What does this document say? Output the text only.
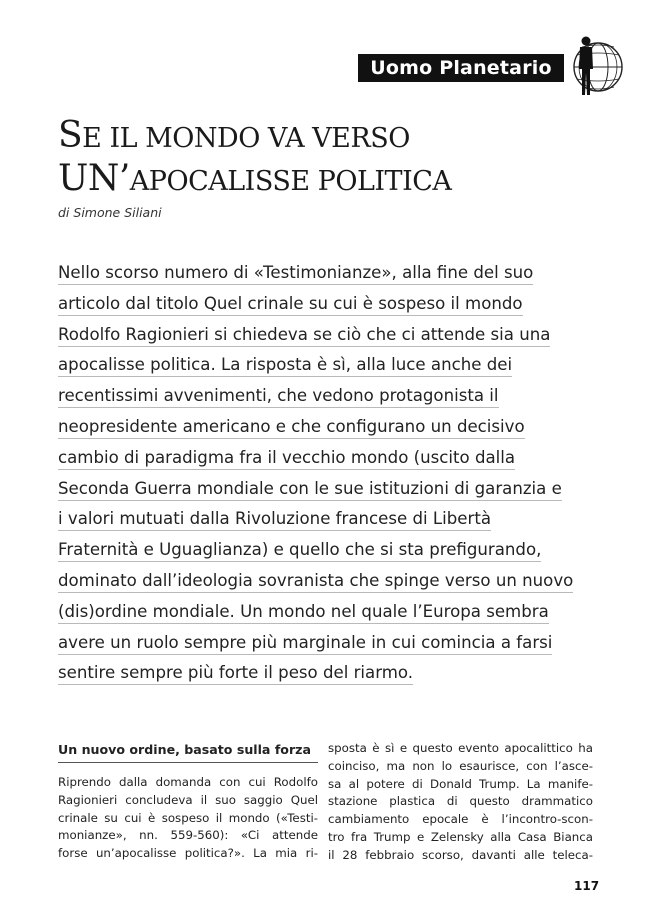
Uomo Planetario
SE IL MONDO VA VERSO
UN’APOCALISSE POLITICA
di Simone Siliani
Nello scorso numero di «Testimonianze», alla fine del suo
articolo dal titolo Quel crinale su cui è sospeso il mondo
Rodolfo Ragionieri si chiedeva se ciò che ci attende sia una
apocalisse politica. La risposta è sì, alla luce anche dei
recentissimi avvenimenti, che vedono protagonista il
neopresidente americano e che configurano un decisivo
cambio di paradigma fra il vecchio mondo (uscito dalla
Seconda Guerra mondiale con le sue istituzioni di garanzia e
i valori mutuati dalla Rivoluzione francese di Libertà
Fraternità e Uguaglianza) e quello che si sta prefigurando,
dominato dall’ideologia sovranista che spinge verso un nuovo
(dis)ordine mondiale. Un mondo nel quale l’Europa sembra
avere un ruolo sempre più marginale in cui comincia a farsi
sentire sempre più forte il peso del riarmo.
Un nuovo ordine, basato sulla forza
Riprendo dalla domanda con cui Rodolfo
Ragionieri concludeva il suo saggio Quel
crinale su cui è sospeso il mondo («Testi-
monianze», nn. 559-560): «Ci attende
forse un’apocalisse politica?». La mia ri-
sposta è sì e questo evento apocalittico ha
coinciso, ma non lo esaurisce, con l’asce-
sa al potere di Donald Trump. La manife-
stazione plastica di questo drammatico
cambiamento epocale è l’incontro-scon-
tro fra Trump e Zelensky alla Casa Bianca
il 28 febbraio scorso, davanti alle teleca-
117
